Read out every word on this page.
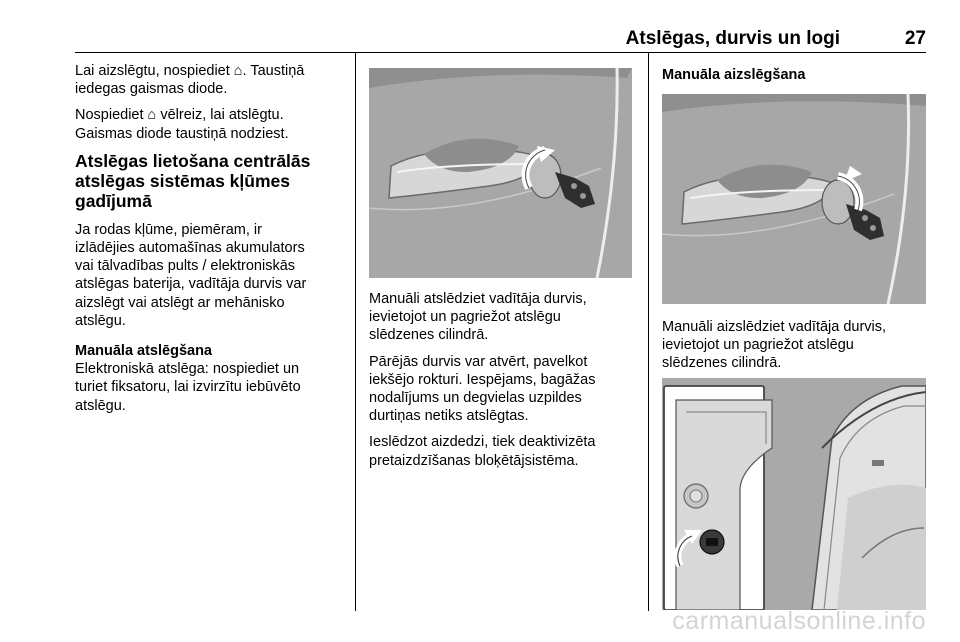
Atslēgas, durvis un logi	27

Lai aizslēgtu, nospiediet ⌂. Taustiņā
iedegas gaismas diode.

Nospiediet ⌂ vēlreiz, lai atslēgtu.
Gaismas diode taustiņā nodziest.

Atslēgas lietošana centrālās
atslēgas sistēmas kļūmes
gadījumā

Ja rodas kļūme, piemēram, ir
izlādējies automašīnas akumulators
vai tālvadības pults / elektroniskās
atslēgas baterija, vadītāja durvis var
aizslēgt vai atslēgt ar mehānisko
atslēgu.

Manuāla atslēgšana

Elektroniskā atslēga: nospiediet un
turiet fiksatoru, lai izvirzītu iebūvēto
atslēgu.

Manuāli atslēdziet vadītāja durvis,
ievietojot un pagriežot atslēgu
slēdzenes cilindrā.

Pārējās durvis var atvērt, pavelkot
iekšējo rokturi. Iespējams, bagāžas
nodalījums un degvielas uzpildes
durtiņas netiks atslēgtas.

Ieslēdzot aizdedzi, tiek deaktivizēta
pretaizdzīšanas bloķētājsistēma.

Manuāla aizslēgšana

Manuāli aizslēdziet vadītāja durvis,
ievietojot un pagriežot atslēgu
slēdzenes cilindrā.

carmanualsonline.info
